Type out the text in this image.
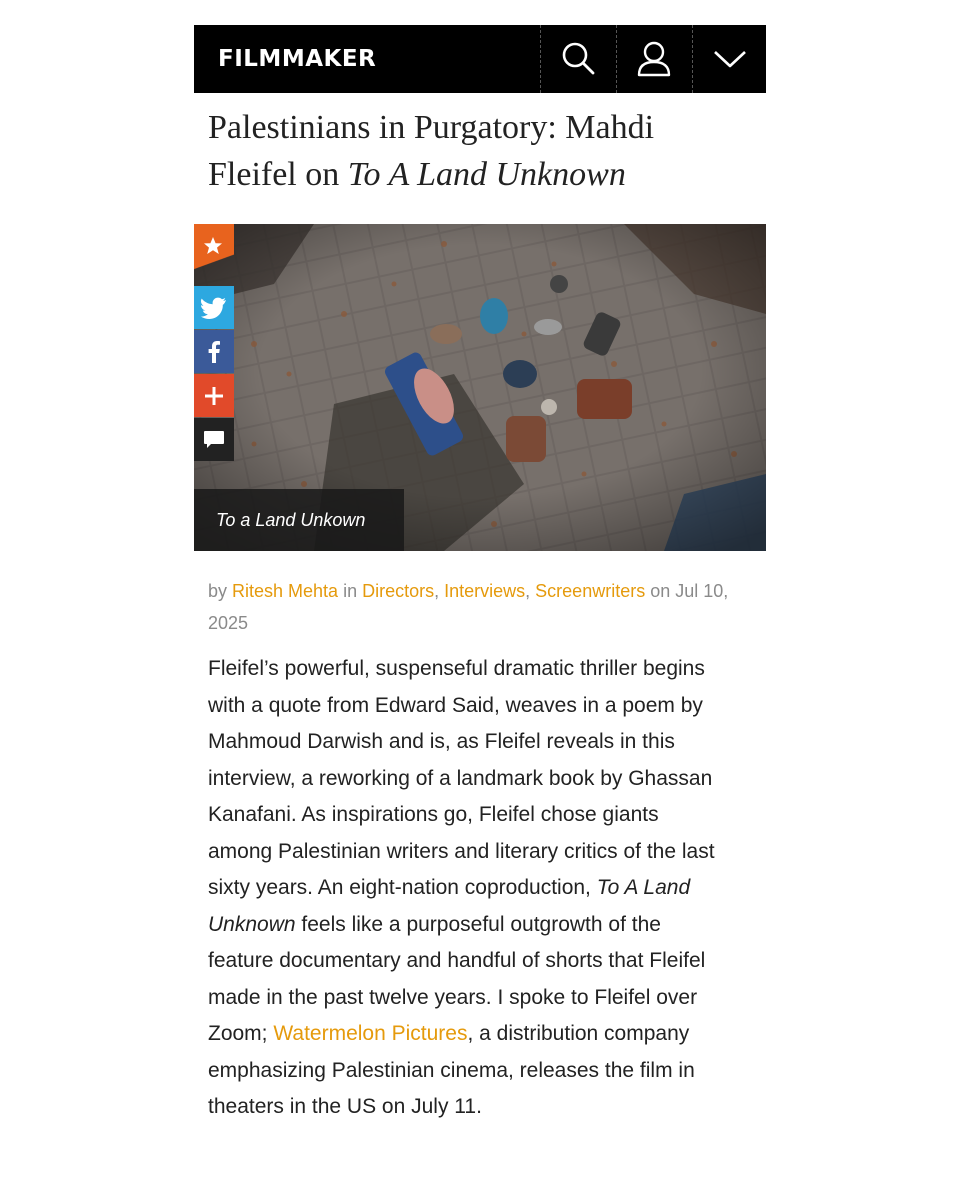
FILMMAKER
Palestinians in Purgatory: Mahdi Fleifel on To A Land Unknown
To a Land Unkown
by Ritesh Mehta in Directors, Interviews, Screenwriters on Jul 10, 2025

Fleifel’s powerful, suspenseful dramatic thriller begins with a quote from Edward Said, weaves in a poem by Mahmoud Darwish and is, as Fleifel reveals in this interview, a reworking of a landmark book by Ghassan Kanafani. As inspirations go, Fleifel chose giants among Palestinian writers and literary critics of the last sixty years. An eight-nation coproduction, To A Land Unknown feels like a purposeful outgrowth of the feature documentary and handful of shorts that Fleifel made in the past twelve years. I spoke to Fleifel over Zoom; Watermelon Pictures, a distribution company emphasizing Palestinian cinema, releases the film in theaters in the US on July 11.
